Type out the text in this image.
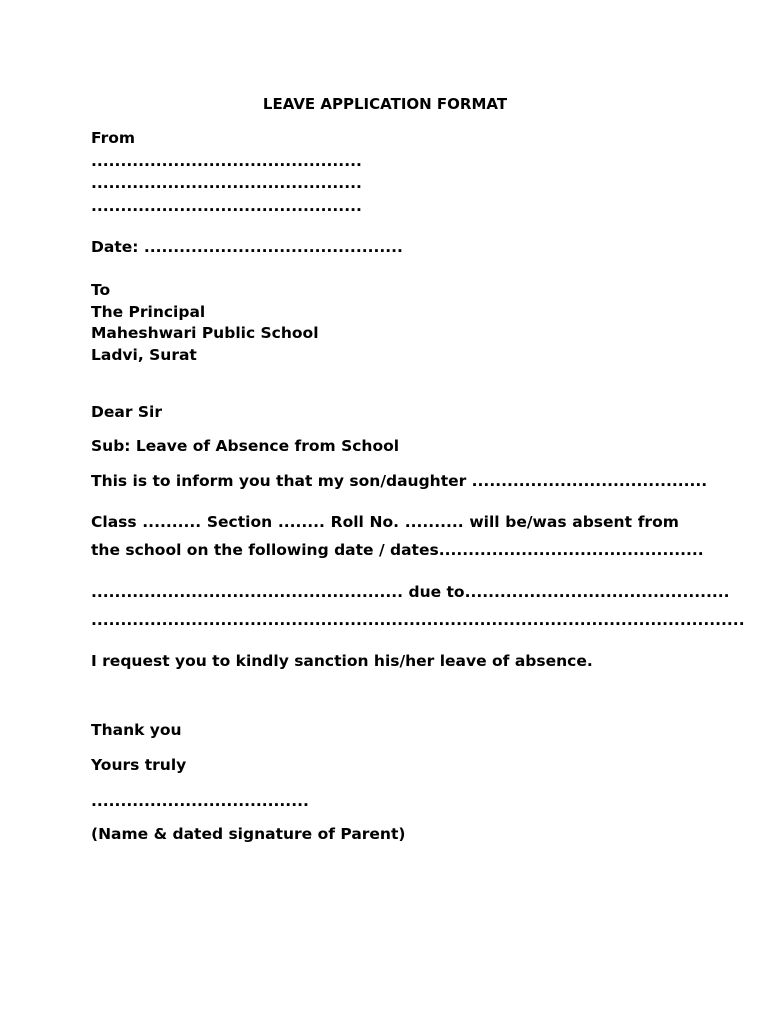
LEAVE APPLICATION FORMAT
From
..............................................
..............................................
..............................................
Date: ............................................
To
The Principal
Maheshwari Public School
Ladvi, Surat
Dear Sir
Sub: Leave of Absence from School
This is to inform you that my son/daughter ........................................
Class .......... Section ........ Roll No. .......... will be/was absent from
the school on the following date / dates.............................................
..................................................... due to .............................................
...............................................................................................................
I request you to kindly sanction his/her leave of absence.
Thank you
Yours truly
.....................................
(Name & dated signature of Parent)
